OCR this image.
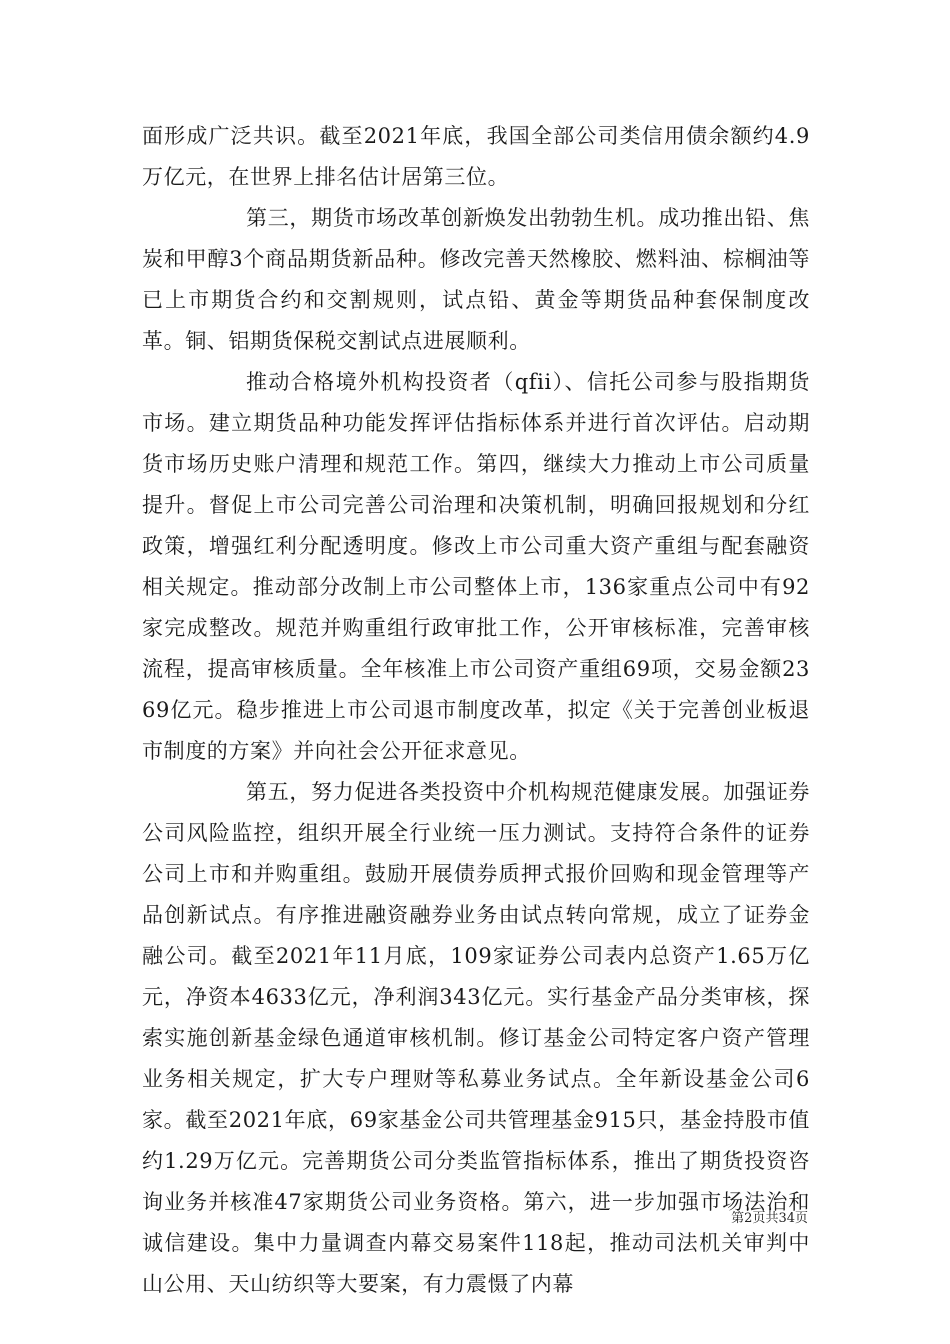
面形成广泛共识。截至2021年底，我国全部公司类信用债余额约4.9万亿元，在世界上排名估计居第三位。

第三，期货市场改革创新焕发出勃勃生机。成功推出铅、焦炭和甲醇3个商品期货新品种。修改完善天然橡胶、燃料油、棕榈油等已上市期货合约和交割规则，试点铅、黄金等期货品种套保制度改革。铜、铝期货保税交割试点进展顺利。

推动合格境外机构投资者（qfii）、信托公司参与股指期货市场。建立期货品种功能发挥评估指标体系并进行首次评估。启动期货市场历史账户清理和规范工作。第四，继续大力推动上市公司质量提升。督促上市公司完善公司治理和决策机制，明确回报规划和分红政策，增强红利分配透明度。修改上市公司重大资产重组与配套融资相关规定。推动部分改制上市公司整体上市，136家重点公司中有92家完成整改。规范并购重组行政审批工作，公开审核标准，完善审核流程，提高审核质量。全年核准上市公司资产重组69项，交易金额2369亿元。稳步推进上市公司退市制度改革，拟定《关于完善创业板退市制度的方案》并向社会公开征求意见。

第五，努力促进各类投资中介机构规范健康发展。加强证券公司风险监控，组织开展全行业统一压力测试。支持符合条件的证券公司上市和并购重组。鼓励开展债券质押式报价回购和现金管理等产品创新试点。有序推进融资融券业务由试点转向常规，成立了证券金融公司。截至2021年11月底，109家证券公司表内总资产1.65万亿元，净资本4633亿元，净利润343亿元。实行基金产品分类审核，探索实施创新基金绿色通道审核机制。修订基金公司特定客户资产管理业务相关规定，扩大专户理财等私募业务试点。全年新设基金公司6家。截至2021年底，69家基金公司共管理基金915只，基金持股市值约1.29万亿元。完善期货公司分类监管指标体系，推出了期货投资咨询业务并核准47家期货公司业务资格。第六，进一步加强市场法治和诚信建设。集中力量调查内幕交易案件118起，推动司法机关审判中山公用、天山纺织等大要案，有力震慑了内幕

第2页共34页
